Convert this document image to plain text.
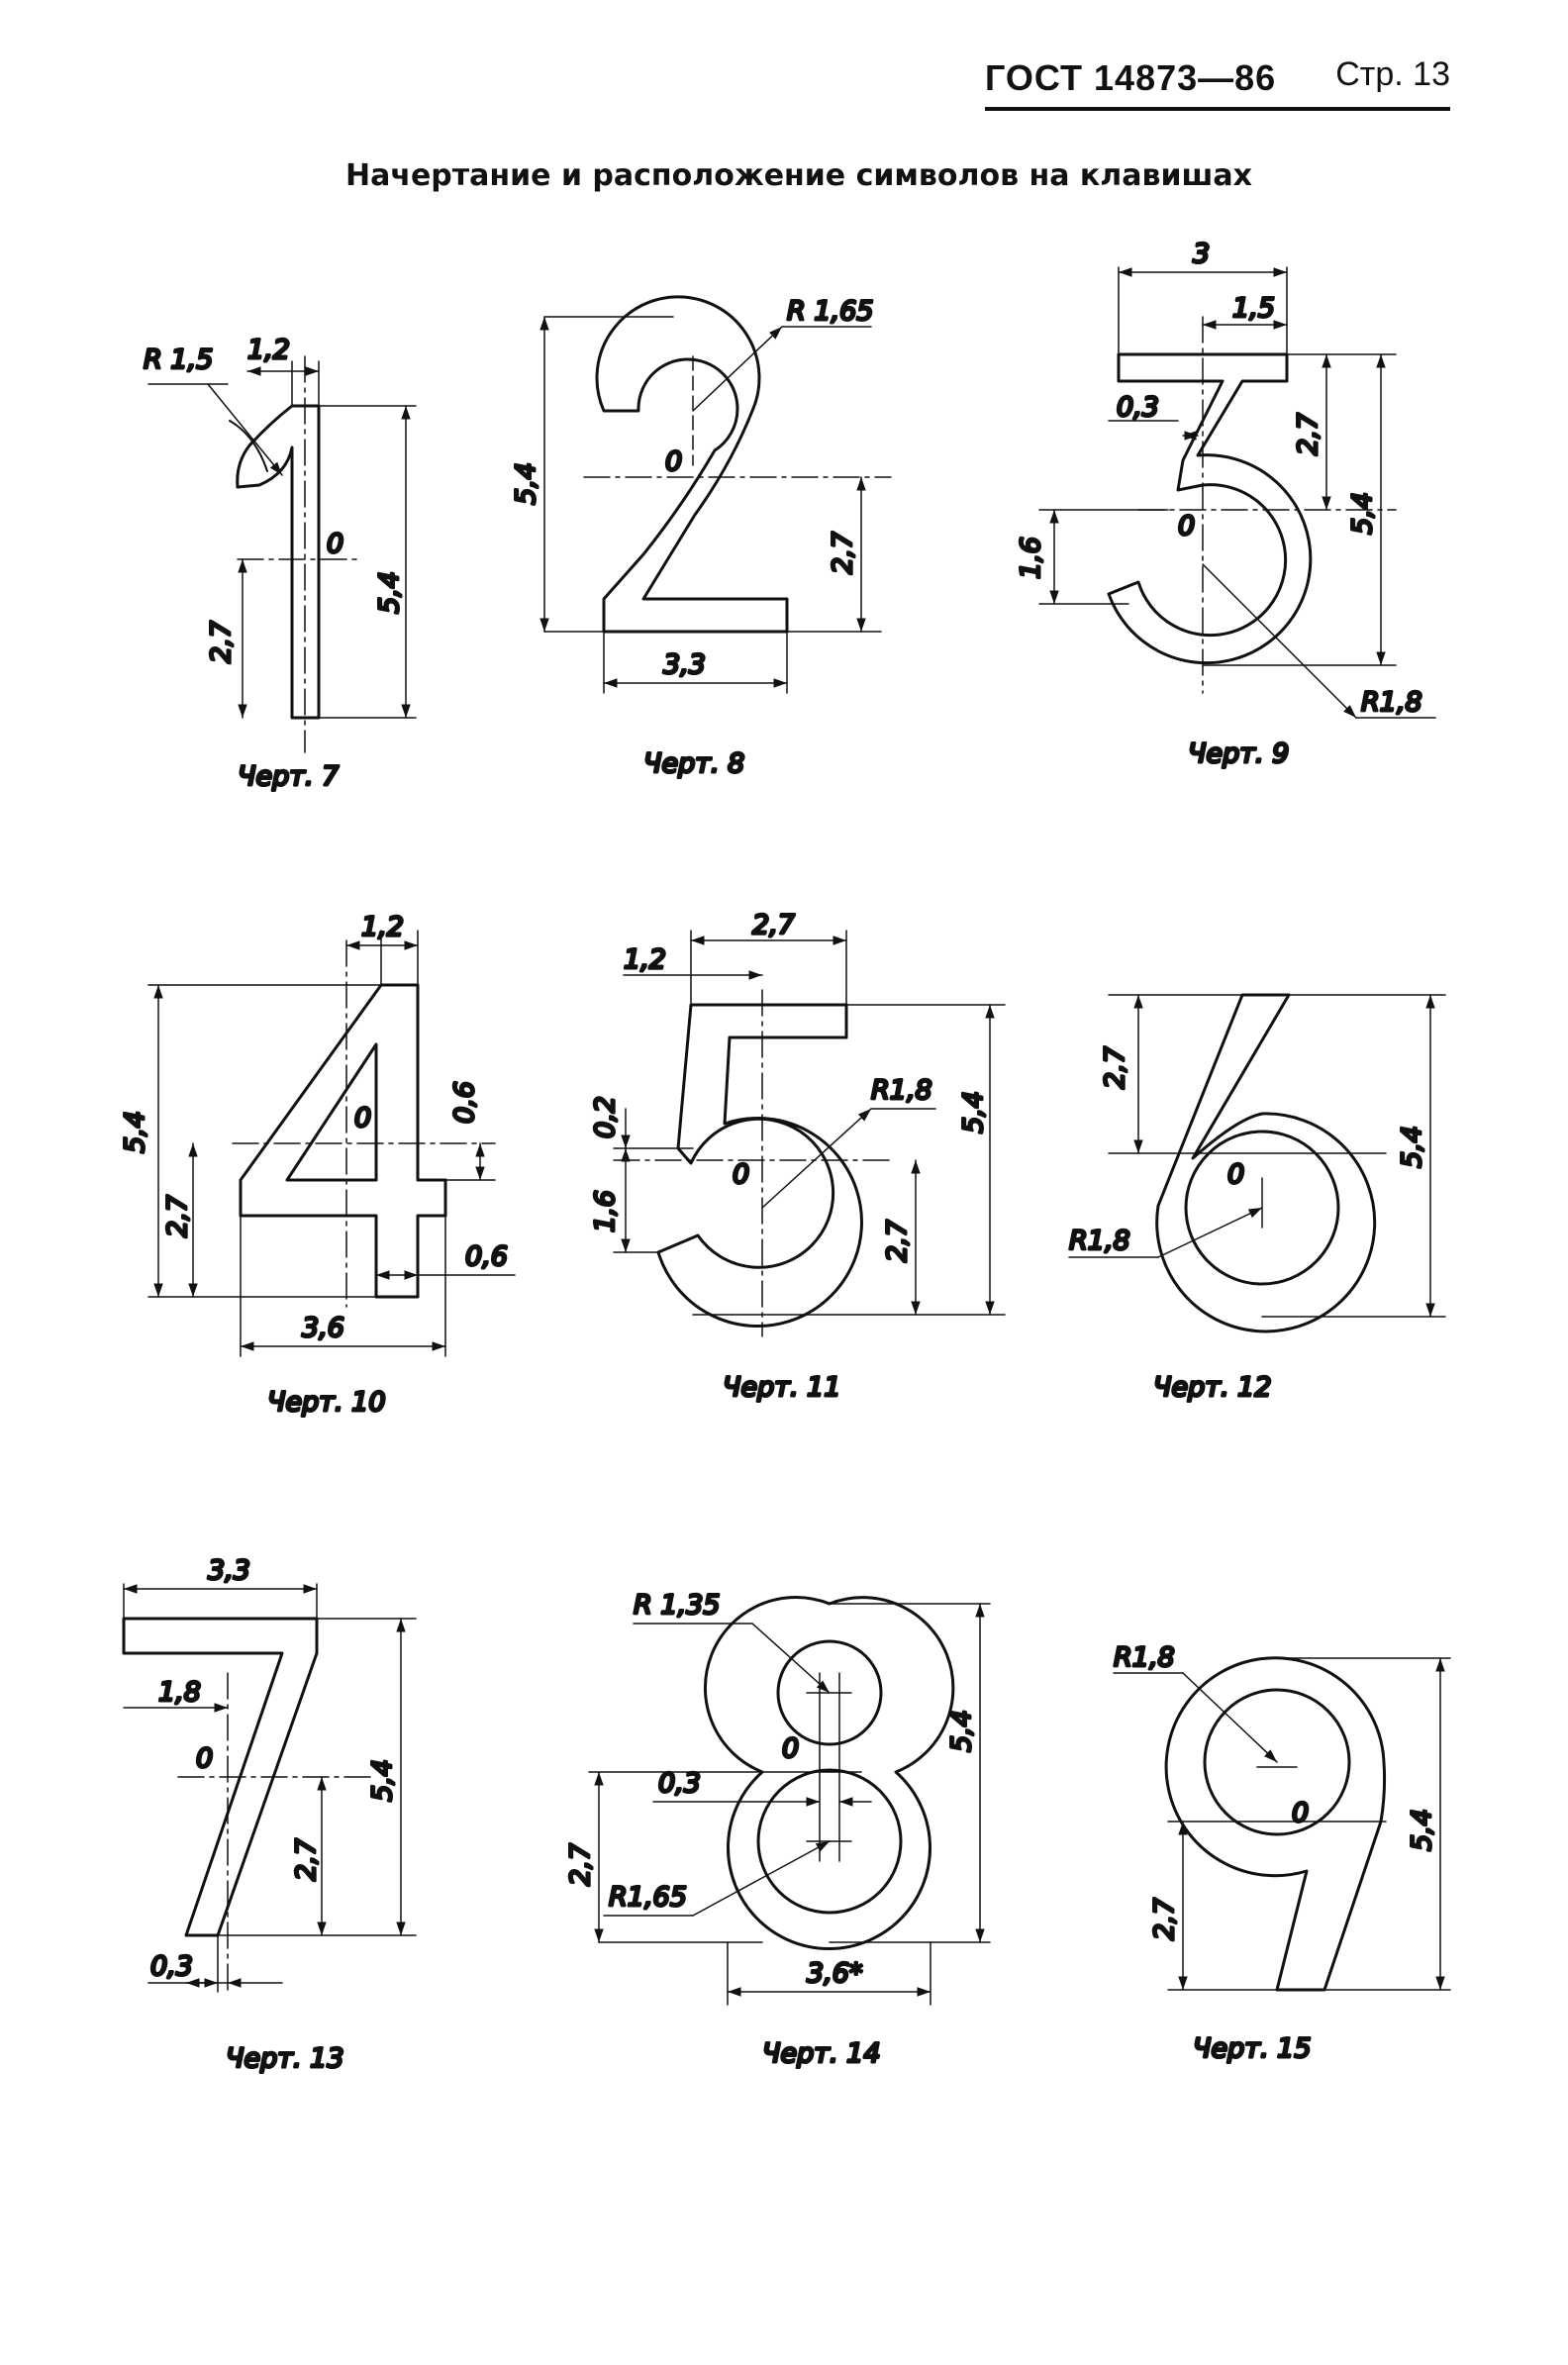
ГОСТ 14873—86 Стр. 13
Начертание и расположение символов на клавишах
R 1,5 1,2
0
2,7
5,4
Черт. 7
R 1,65
5,4
0
2,7
3,3
Черт. 8
3
1,5
0,3
2,7
5,4
1,6
0
R1,8
Черт. 9
1,2
5,4	0	0,6
2,7
0,6
3,6
Черт. 10
2,7
1,2
0,2
R1,8
0
1,6
5,4
2,7
Черт. 11
2,7
5,4
0
R1,8
Черт. 12
3,3
1,8
0
5,4
2,7
0,3
Черт. 13
R 1,35
0	5,4
0,3
2,7
R1,65
3,6*
Черт. 14
R1,8
0	5,4
2,7
Черт. 15
